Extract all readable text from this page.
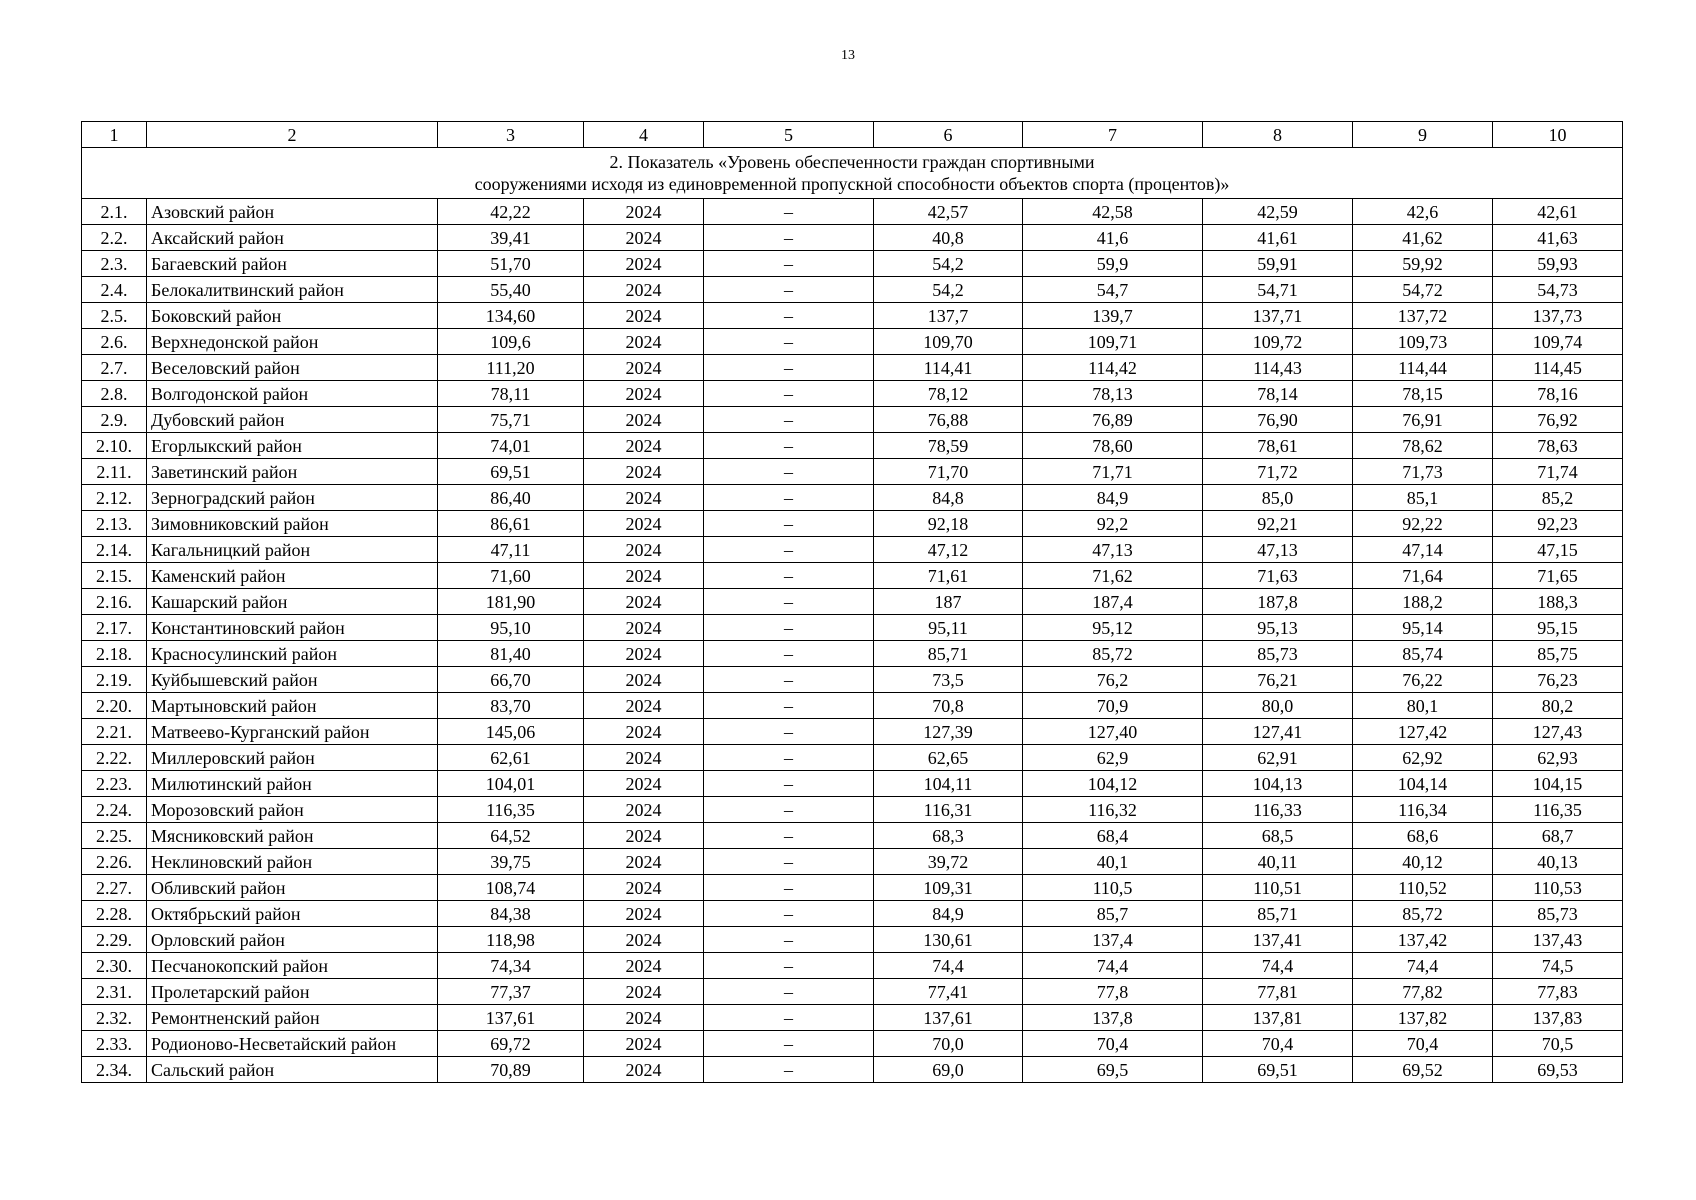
13
1	2	3	4	5	6	7	8	9	10

2. Показатель «Уровень обеспеченности граждан спортивными
сооружениями исходя из единовременной пропускной способности объектов спорта (процентов)»									

2.1.	Азовский район	42,22	2024	–	42,57	42,58	42,59	42,6	42,61
2.2.	Аксайский район	39,41	2024	–	40,8	41,6	41,61	41,62	41,63
2.3.	Багаевский район	51,70	2024	–	54,2	59,9	59,91	59,92	59,93
2.4.	Белокалитвинский район	55,40	2024	–	54,2	54,7	54,71	54,72	54,73
2.5.	Боковский район	134,60	2024	–	137,7	139,7	137,71	137,72	137,73
2.6.	Верхнедонской район	109,6	2024	–	109,70	109,71	109,72	109,73	109,74
2.7.	Веселовский район	111,20	2024	–	114,41	114,42	114,43	114,44	114,45
2.8.	Волгодонской район	78,11	2024	–	78,12	78,13	78,14	78,15	78,16
2.9.	Дубовский район	75,71	2024	–	76,88	76,89	76,90	76,91	76,92
2.10.	Егорлыкский район	74,01	2024	–	78,59	78,60	78,61	78,62	78,63
2.11.	Заветинский район	69,51	2024	–	71,70	71,71	71,72	71,73	71,74
2.12.	Зерноградский район	86,40	2024	–	84,8	84,9	85,0	85,1	85,2
2.13.	Зимовниковский район	86,61	2024	–	92,18	92,2	92,21	92,22	92,23
2.14.	Кагальницкий район	47,11	2024	–	47,12	47,13	47,13	47,14	47,15
2.15.	Каменский район	71,60	2024	–	71,61	71,62	71,63	71,64	71,65
2.16.	Кашарский район	181,90	2024	–	187	187,4	187,8	188,2	188,3
2.17.	Константиновский район	95,10	2024	–	95,11	95,12	95,13	95,14	95,15
2.18.	Красносулинский район	81,40	2024	–	85,71	85,72	85,73	85,74	85,75
2.19.	Куйбышевский район	66,70	2024	–	73,5	76,2	76,21	76,22	76,23
2.20.	Мартыновский район	83,70	2024	–	70,8	70,9	80,0	80,1	80,2
2.21.	Матвеево-Курганский район	145,06	2024	–	127,39	127,40	127,41	127,42	127,43
2.22.	Миллеровский район	62,61	2024	–	62,65	62,9	62,91	62,92	62,93
2.23.	Милютинский район	104,01	2024	–	104,11	104,12	104,13	104,14	104,15
2.24.	Морозовский район	116,35	2024	–	116,31	116,32	116,33	116,34	116,35
2.25.	Мясниковский район	64,52	2024	–	68,3	68,4	68,5	68,6	68,7
2.26.	Неклиновский район	39,75	2024	–	39,72	40,1	40,11	40,12	40,13
2.27.	Обливский район	108,74	2024	–	109,31	110,5	110,51	110,52	110,53
2.28.	Октябрьский район	84,38	2024	–	84,9	85,7	85,71	85,72	85,73
2.29.	Орловский район	118,98	2024	–	130,61	137,4	137,41	137,42	137,43
2.30.	Песчанокопский район	74,34	2024	–	74,4	74,4	74,4	74,4	74,5
2.31.	Пролетарский район	77,37	2024	–	77,41	77,8	77,81	77,82	77,83
2.32.	Ремонтненский район	137,61	2024	–	137,61	137,8	137,81	137,82	137,83
2.33.	Родионово-Несветайский район	69,72	2024	–	70,0	70,4	70,4	70,4	70,5
2.34.	Сальский район	70,89	2024	–	69,0	69,5	69,51	69,52	69,53
